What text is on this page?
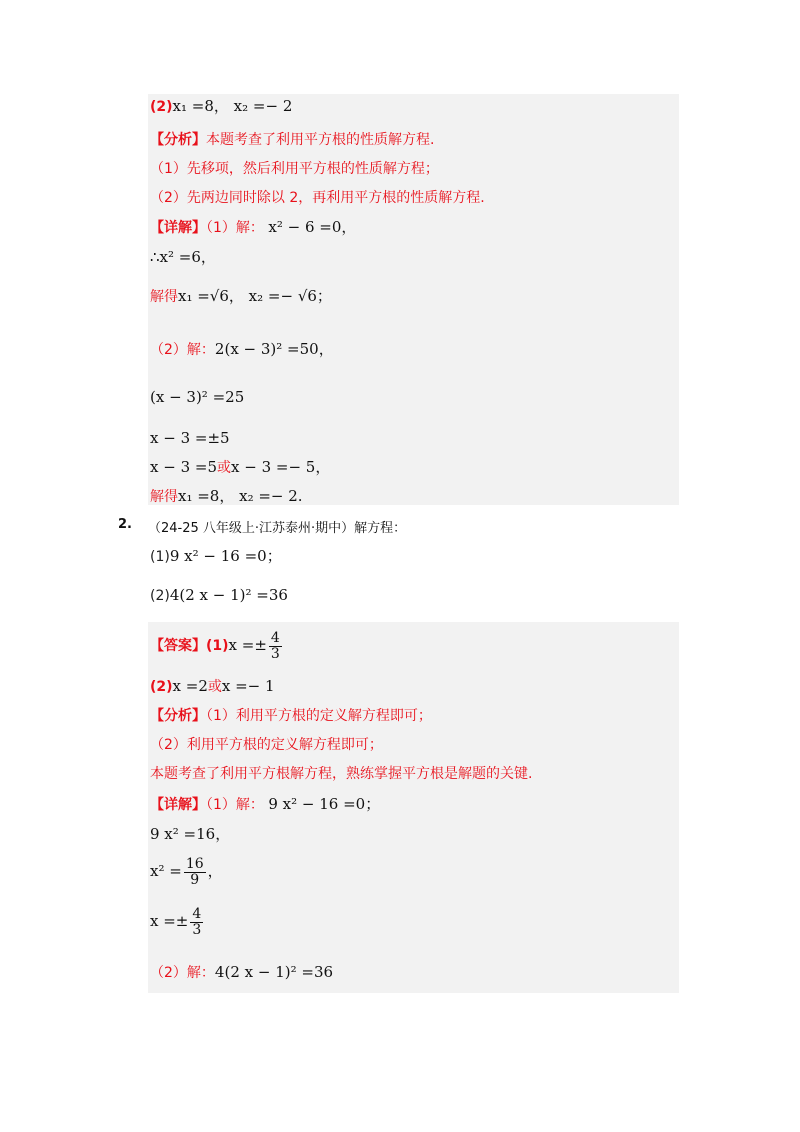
(2)x₁ =8， x₂ =− 2
【分析】本题考查了利用平方根的性质解方程.
（1）先移项，然后利用平方根的性质解方程；
（2）先两边同时除以 2，再利用平方根的性质解方程.
【详解】（1）解： x² − 6 =0，
∴x² =6，
解得x₁ =√6， x₂ =− √6；
（2）解：2(x − 3)² =50，
(x − 3)² =25
x − 3 =±5
x − 3 =5或x − 3 =− 5，
解得x₁ =8， x₂ =− 2.
2. （24-25 八年级上·江苏泰州·期中）解方程：
(1)9 x² − 16 =0；
(2)4(2 x − 1)² =36
【答案】$(1)x =\pm \frac{4}{3}$
(2)x =2或x =− 1
【分析】（1）利用平方根的定义解方程即可；
（2）利用平方根的定义解方程即可；
本题考查了利用平方根解方程，熟练掌握平方根是解题的关键.
【详解】（1）解： 9 x² − 16 =0；
9 x² =16，
$x^2 = \frac{16}{9}$ ，
$x =\pm \frac{4}{3}$
（2）解：4(2 x − 1)² =36
